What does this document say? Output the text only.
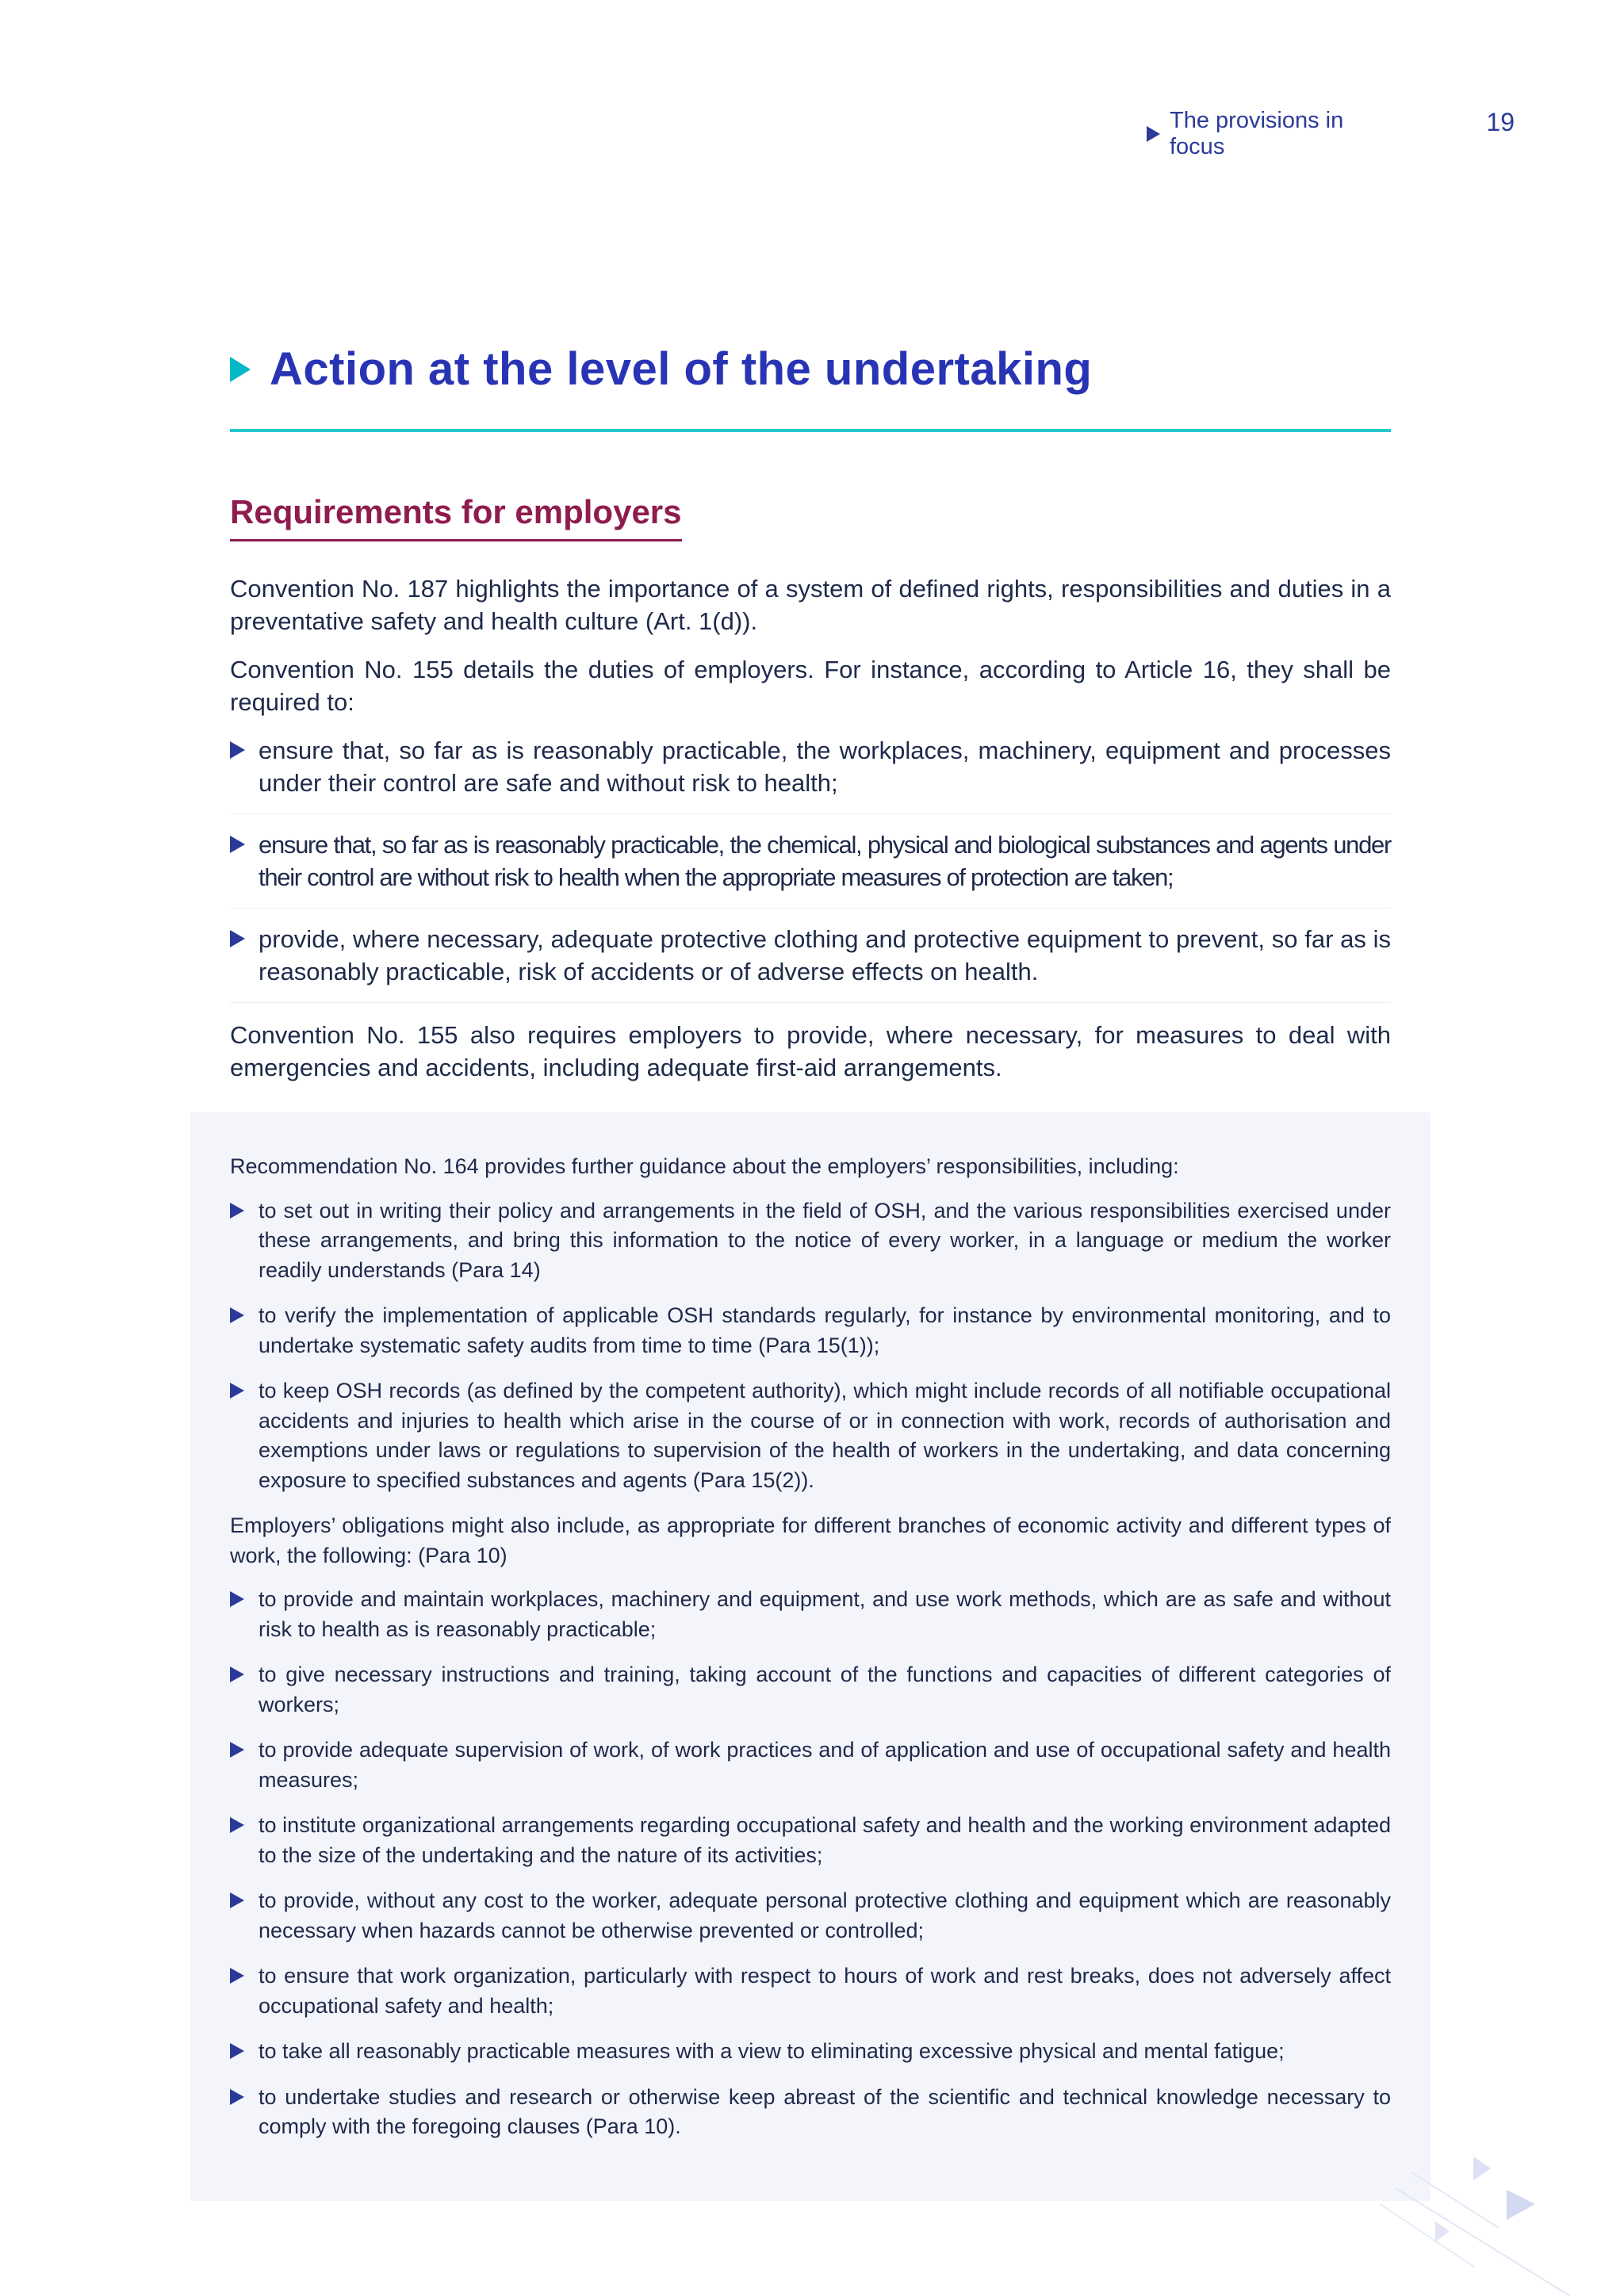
The provisions in focus
19
Action at the level of the undertaking
Requirements for employers

Convention No. 187 highlights the importance of a system of defined rights, responsibilities and duties in a preventative safety and health culture (Art. 1(d)).

Convention No. 155 details the duties of employers. For instance, according to Article 16, they shall be required to:

ensure that, so far as is reasonably practicable, the workplaces, machinery, equipment and processes under their control are safe and without risk to health;
ensure that, so far as is reasonably practicable, the chemical, physical and biological substances and agents under their control are without risk to health when the appropriate measures of protection are taken;
provide, where necessary, adequate protective clothing and protective equipment to prevent, so far as is reasonably practicable, risk of accidents or of adverse effects on health.

Convention No. 155 also requires employers to provide, where necessary, for measures to deal with emergencies and accidents, including adequate first-aid arrangements.

Recommendation No. 164 provides further guidance about the employers’ responsibilities, including:

to set out in writing their policy and arrangements in the field of OSH, and the various responsibilities exercised under these arrangements, and bring this information to the notice of every worker, in a language or medium the worker readily understands (Para 14)
to verify the implementation of applicable OSH standards regularly, for instance by environmental monitoring, and to undertake systematic safety audits from time to time (Para 15(1));
to keep OSH records (as defined by the competent authority), which might include records of all notifiable occupational accidents and injuries to health which arise in the course of or in connection with work, records of authorisation and exemptions under laws or regulations to supervision of the health of workers in the undertaking, and data concerning exposure to specified substances and agents (Para 15(2)).

Employers’ obligations might also include, as appropriate for different branches of economic activity and different types of work, the following: (Para 10)

to provide and maintain workplaces, machinery and equipment, and use work methods, which are as safe and without risk to health as is reasonably practicable;
to give necessary instructions and training, taking account of the functions and capacities of different categories of workers;
to provide adequate supervision of work, of work practices and of application and use of occupational safety and health measures;
to institute organizational arrangements regarding occupational safety and health and the working environment adapted to the size of the undertaking and the nature of its activities;
to provide, without any cost to the worker, adequate personal protective clothing and equipment which are reasonably necessary when hazards cannot be otherwise prevented or controlled;
to ensure that work organization, particularly with respect to hours of work and rest breaks, does not adversely affect occupational safety and health;
to take all reasonably practicable measures with a view to eliminating excessive physical and mental fatigue;
to undertake studies and research or otherwise keep abreast of the scientific and technical knowledge necessary to comply with the foregoing clauses (Para 10).
